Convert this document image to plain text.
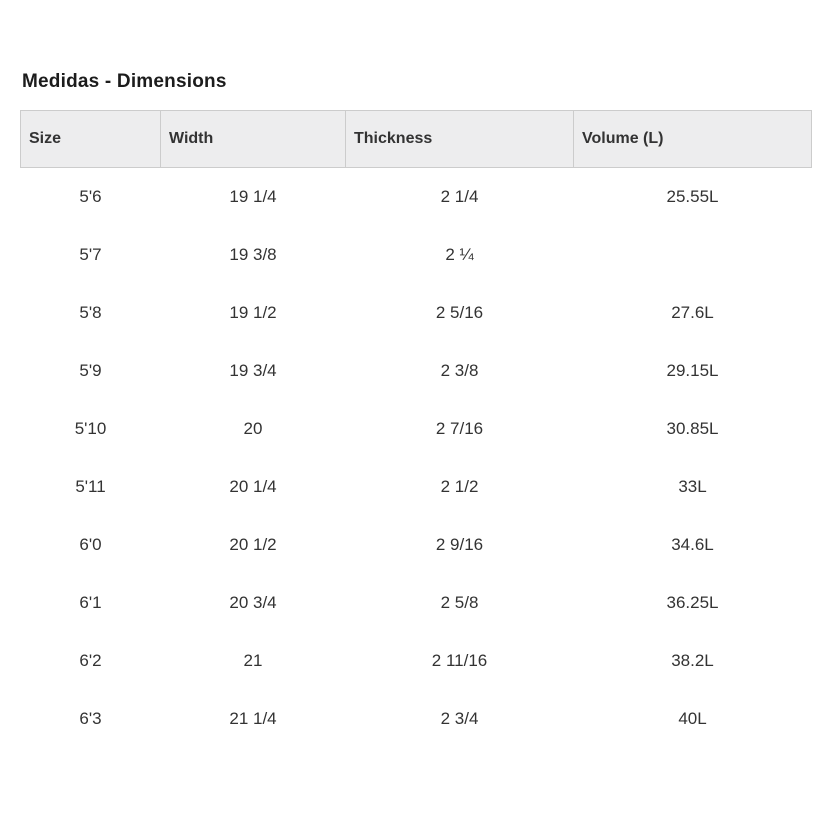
Medidas - Dimensions
Size	Width	Thickness	Volume (L)
5'6	19 1/4	2 1/4	25.55L
5'7	19 3/8	2 ¼	
5'8	19 1/2	2 5/16	27.6L
5'9	19 3/4	2 3/8	29.15L
5'10	20	2 7/16	30.85L
5'11	20 1/4	2 1/2	33L
6'0	20 1/2	2 9/16	34.6L
6'1	20 3/4	2 5/8	36.25L
6'2	21	2 11/16	38.2L
6'3	21 1/4	2 3/4	40L
